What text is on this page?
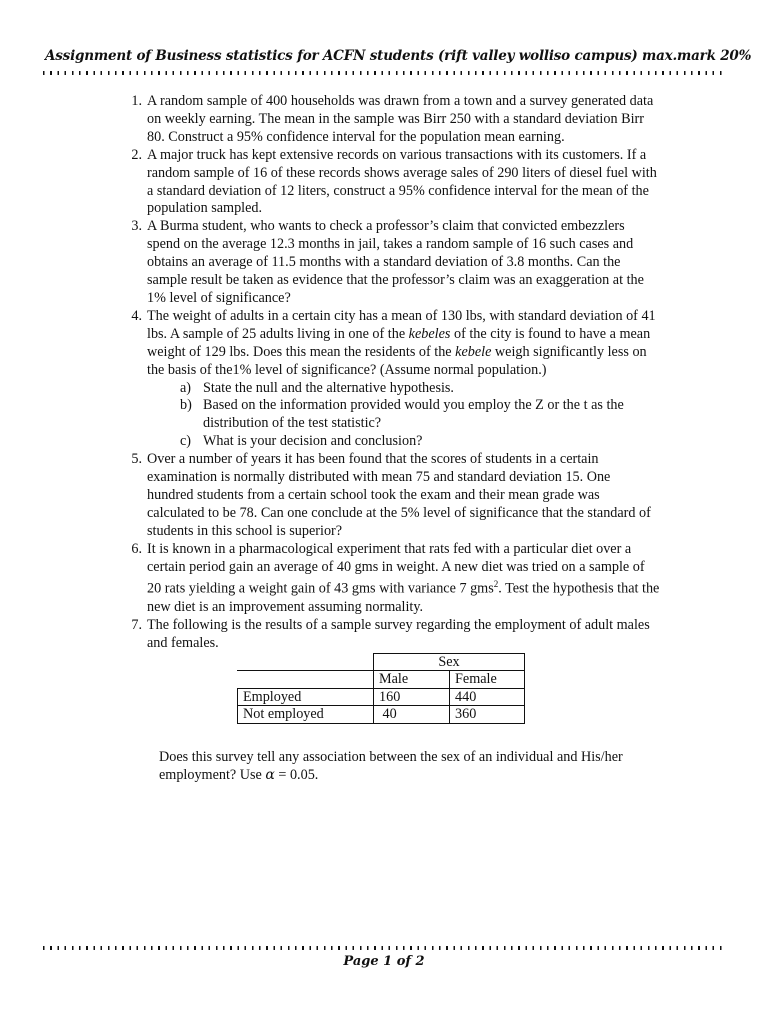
Assignment of Business statistics for ACFN students (rift valley wolliso campus) max.mark 20%
1. A random sample of 400 households was drawn from a town and a survey generated data on weekly earning. The mean in the sample was Birr 250 with a standard deviation Birr 80. Construct a 95% confidence interval for the population mean earning.
2. A major truck has kept extensive records on various transactions with its customers. If a random sample of 16 of these records shows average sales of 290 liters of diesel fuel with a standard deviation of 12 liters, construct a 95% confidence interval for the mean of the population sampled.
3. A Burma student, who wants to check a professor’s claim that convicted embezzlers spend on the average 12.3 months in jail, takes a random sample of 16 such cases and obtains an average of 11.5 months with a standard deviation of 3.8 months. Can the sample result be taken as evidence that the professor’s claim was an exaggeration at the 1% level of significance?
4. The weight of adults in a certain city has a mean of 130 lbs, with standard deviation of 41 lbs. A sample of 25 adults living in one of the kebeles of the city is found to have a mean weight of 129 lbs. Does this mean the residents of the kebele weigh significantly less on the basis of the1% level of significance? (Assume normal population.)
a) State the null and the alternative hypothesis.
b) Based on the information provided would you employ the Z or the t as the distribution of the test statistic?
c) What is your decision and conclusion?
5. Over a number of years it has been found that the scores of students in a certain examination is normally distributed with mean 75 and standard deviation 15. One hundred students from a certain school took the exam and their mean grade was calculated to be 78. Can one conclude at the 5% level of significance that the standard of students in this school is superior?
6. It is known in a pharmacological experiment that rats fed with a particular diet over a certain period gain an average of 40 gms in weight. A new diet was tried on a sample of 20 rats yielding a weight gain of 43 gms with variance 7 gms$^2$. Test the hypothesis that the new diet is an improvement assuming normality.
7. The following is the results of a sample survey regarding the employment of adult males and females.
	Sex	
	Male	Female
Employed	160	440
Not employed	40	360
Does this survey tell any association between the sex of an individual and His/her employment? Use α = 0.05.
Page 1 of 2
